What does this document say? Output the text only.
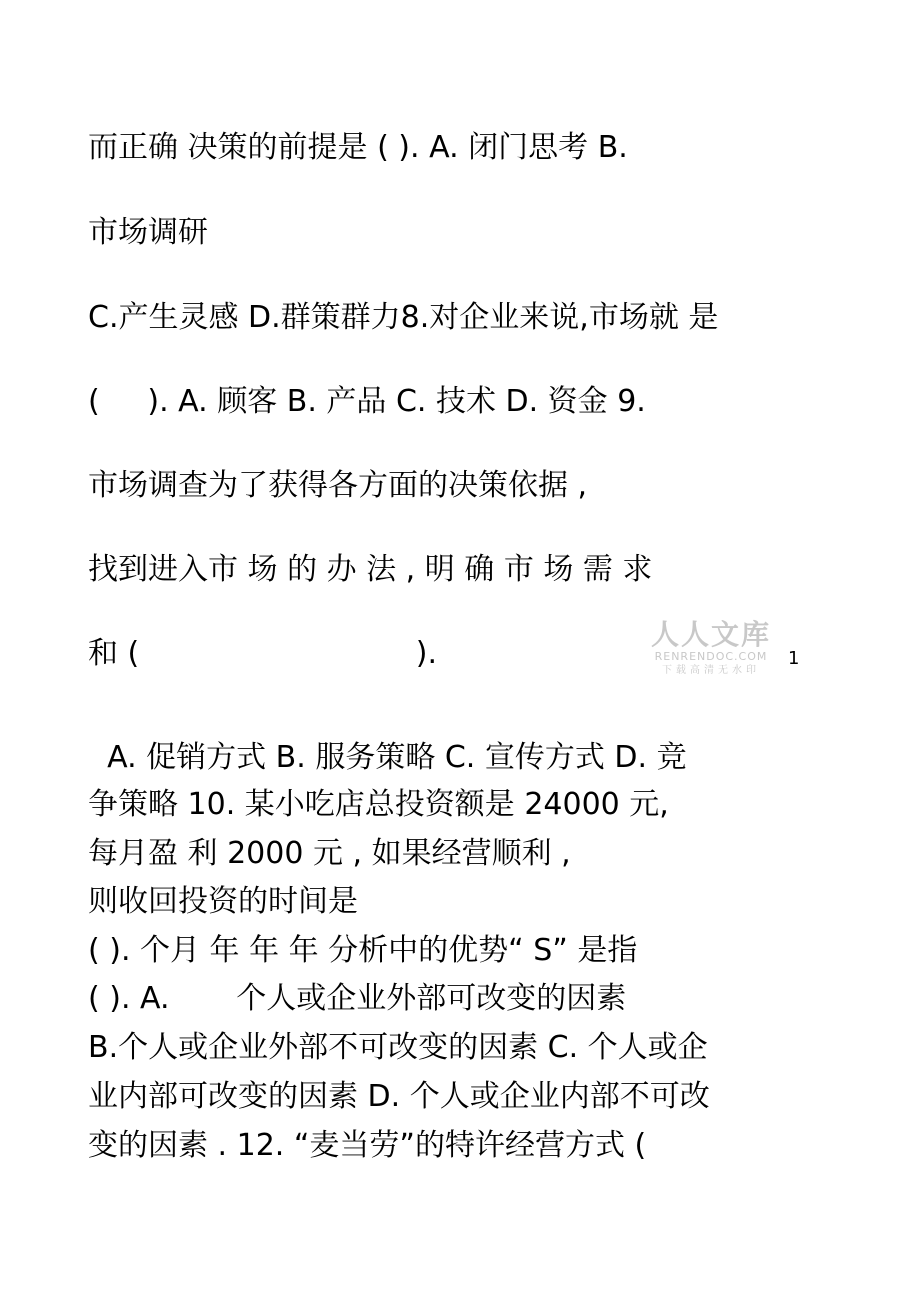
而正确 决策的前提是 ( ). A. 闭门思考 B.
市场调研
C.产生灵感 D.群策群力8.对企业来说,市场就 是
(     ). A. 顾客 B. 产品 C. 技术 D. 资金 9.
市场调查为了获得各方面的决策依据 ,
找到进入市 场 的 办 法 , 明 确 市 场 需 求
和 (                             ).
A. 促销方式 B. 服务策略 C. 宣传方式 D. 竞
争策略 10. 某小吃店总投资额是 24000 元,
每月盈 利 2000 元 , 如果经营顺利 ,
则收回投资的时间是
( ). 个月 年 年 年 分析中的优势“ S” 是指
( ). A.       个人或企业外部可改变的因素
B.个人或企业外部不可改变的因素 C. 个人或企
业内部可改变的因素 D. 个人或企业内部不可改
变的因素 . 12. “麦当劳”的特许经营方式 (
人人文库
RENRENDOC.COM
下载高清无水印
1
